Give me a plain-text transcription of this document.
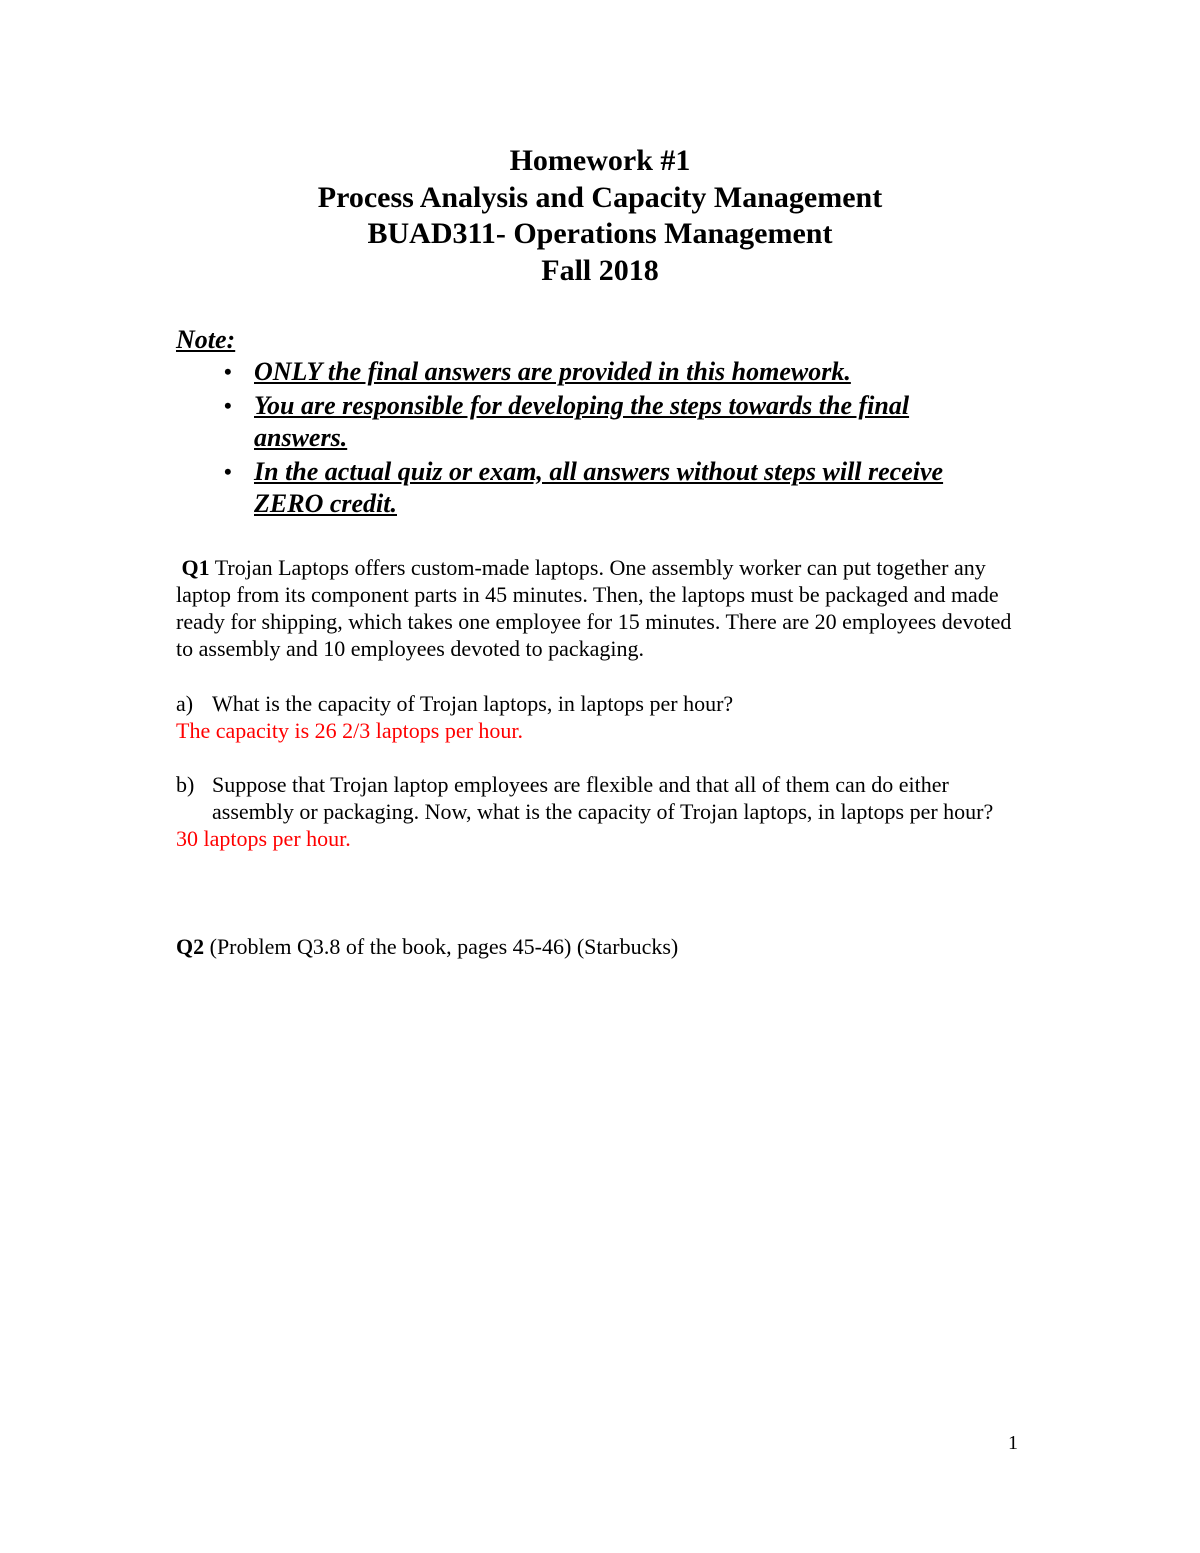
Homework #1
Process Analysis and Capacity Management
BUAD311- Operations Management
Fall 2018
Note:
• ONLY the final answers are provided in this homework.
• You are responsible for developing the steps towards the final answers.
• In the actual quiz or exam, all answers without steps will receive ZERO credit.
Q1 Trojan Laptops offers custom-made laptops. One assembly worker can put together any laptop from its component parts in 45 minutes. Then, the laptops must be packaged and made ready for shipping, which takes one employee for 15 minutes. There are 20 employees devoted to assembly and 10 employees devoted to packaging.
a) What is the capacity of Trojan laptops, in laptops per hour?
The capacity is 26 2/3 laptops per hour.
b) Suppose that Trojan laptop employees are flexible and that all of them can do either assembly or packaging. Now, what is the capacity of Trojan laptops, in laptops per hour?
30 laptops per hour.
Q2 (Problem Q3.8 of the book, pages 45-46) (Starbucks)
1
